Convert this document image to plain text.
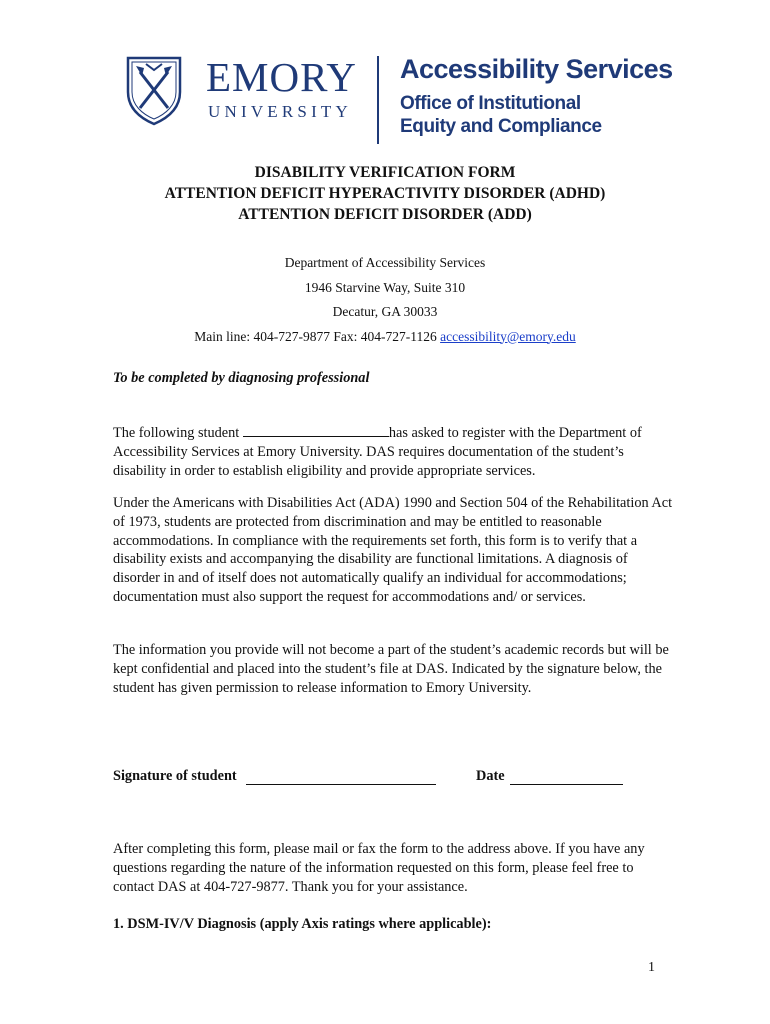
EMORY
UNIVERSITY
Accessibility Services
Office of Institutional
Equity and Compliance
DISABILITY VERIFICATION FORM
ATTENTION DEFICIT HYPERACTIVITY DISORDER (ADHD)
ATTENTION DEFICIT DISORDER (ADD)
Department of Accessibility Services
1946 Starvine Way, Suite 310
Decatur, GA 30033
Main line: 404-727-9877 Fax: 404-727-1126 accessibility@emory.edu
To be completed by diagnosing professional
The following student	has asked to register with the Department of Accessibility Services at Emory University. DAS requires documentation of the student’s disability in order to establish eligibility and provide appropriate services.
Under the Americans with Disabilities Act (ADA) 1990 and Section 504 of the Rehabilitation Act of 1973, students are protected from discrimination and may be entitled to reasonable accommodations. In compliance with the requirements set forth, this form is to verify that a disability exists and accompanying the disability are functional limitations. A diagnosis of disorder in and of itself does not automatically qualify an individual for accommodations; documentation must also support the request for accommodations and/ or services.
The information you provide will not become a part of the student’s academic records but will be kept confidential and placed into the student’s file at DAS. Indicated by the signature below, the student has given permission to release information to Emory University.
Signature of student	Date
After completing this form, please mail or fax the form to the address above. If you have any questions regarding the nature of the information requested on this form, please feel free to contact DAS at 404-727-9877. Thank you for your assistance.
1. DSM-IV/V Diagnosis (apply Axis ratings where applicable):
1
